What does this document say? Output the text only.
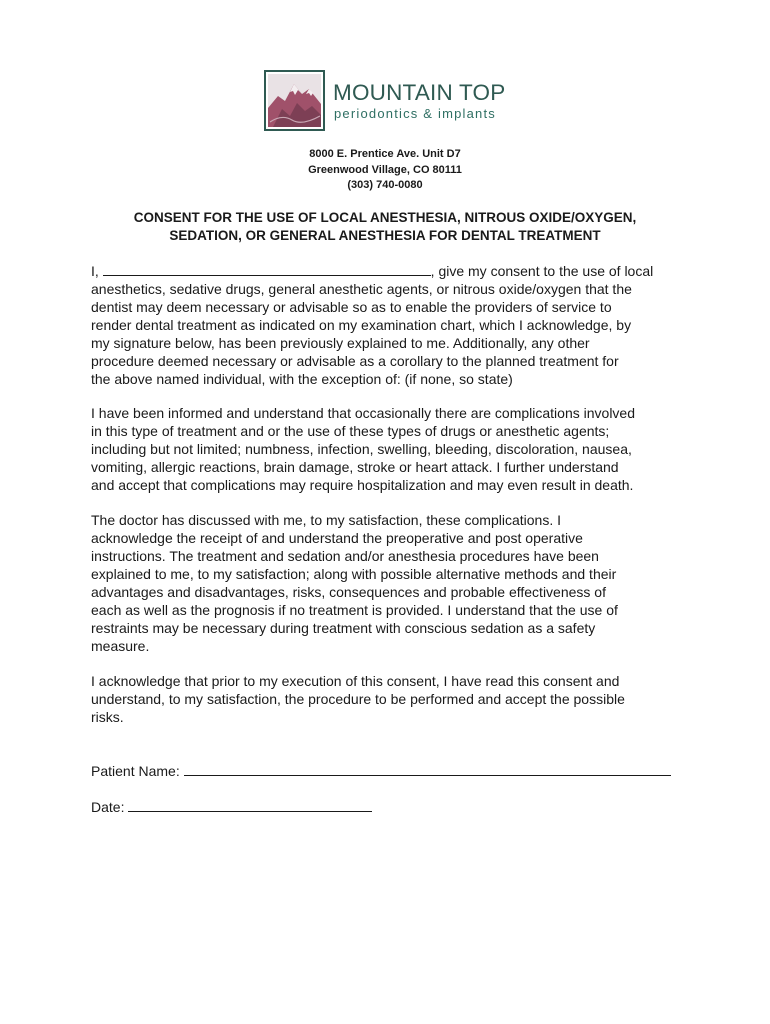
MOUNTAIN TOP
periodontics & implants
8000 E. Prentice Ave. Unit D7
Greenwood Village, CO 80111
(303) 740-0080
CONSENT FOR THE USE OF LOCAL ANESTHESIA, NITROUS OXIDE/OXYGEN,
SEDATION, OR GENERAL ANESTHESIA FOR DENTAL TREATMENT
I,	, give my consent to the use of local
anesthetics, sedative drugs, general anesthetic agents, or nitrous oxide/oxygen that the
dentist may deem necessary or advisable so as to enable the providers of service to
render dental treatment as indicated on my examination chart, which I acknowledge, by
my signature below, has been previously explained to me. Additionally, any other
procedure deemed necessary or advisable as a corollary to the planned treatment for
the above named individual, with the exception of: (if none, so state)
I have been informed and understand that occasionally there are complications involved
in this type of treatment and or the use of these types of drugs or anesthetic agents;
including but not limited; numbness, infection, swelling, bleeding, discoloration, nausea,
vomiting, allergic reactions, brain damage, stroke or heart attack. I further understand
and accept that complications may require hospitalization and may even result in death.
The doctor has discussed with me, to my satisfaction, these complications. I
acknowledge the receipt of and understand the preoperative and post operative
instructions. The treatment and sedation and/or anesthesia procedures have been
explained to me, to my satisfaction; along with possible alternative methods and their
advantages and disadvantages, risks, consequences and probable effectiveness of
each as well as the prognosis if no treatment is provided. I understand that the use of
restraints may be necessary during treatment with conscious sedation as a safety
measure.
I acknowledge that prior to my execution of this consent, I have read this consent and
understand, to my satisfaction, the procedure to be performed and accept the possible
risks.
Patient Name:
Date:
